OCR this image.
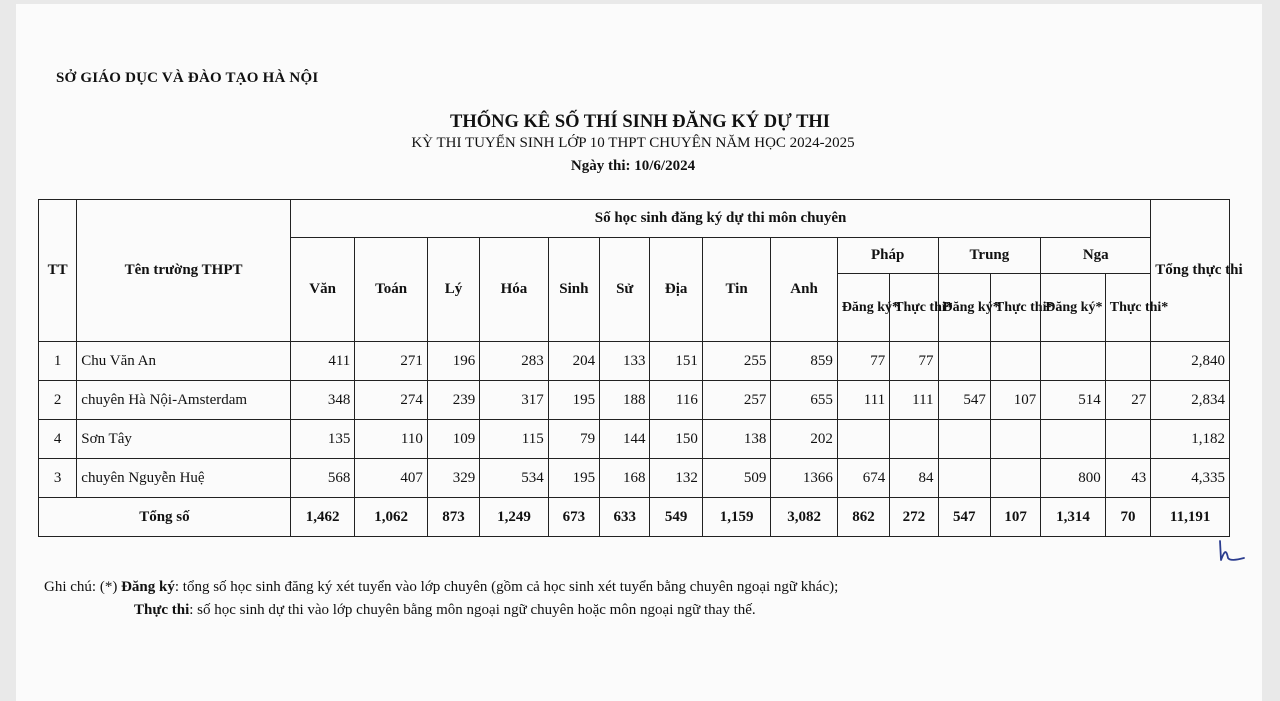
SỞ GIÁO DỤC VÀ ĐÀO TẠO HÀ NỘI
THỐNG KÊ SỐ THÍ SINH ĐĂNG KÝ DỰ THI
KỲ THI TUYỂN SINH LỚP 10 THPT CHUYÊN NĂM HỌC 2024-2025
Ngày thi: 10/6/2024
TT	Tên trường THPT	Số học sinh đăng ký dự thi môn chuyên															Tổng thực thi
		Văn	Toán	Lý	Hóa	Sinh	Sử	Địa	Tin	Anh	Pháp		Trung		Nga		
											Đăng ký*	Thực thi*	Đăng ký*	Thực thi*	Đăng ký*	Thực thi*	
1	Chu Văn An	411	271	196	283	204	133	151	255	859	77	77					2,840
2	chuyên Hà Nội-Amsterdam	348	274	239	317	195	188	116	257	655	111	111	547	107	514	27	2,834
4	Sơn Tây	135	110	109	115	79	144	150	138	202							1,182
3	chuyên Nguyễn Huệ	568	407	329	534	195	168	132	509	1366	674	84			800	43	4,335
Tổng số		1,462	1,062	873	1,249	673	633	549	1,159	3,082	862	272	547	107	1,314	70	11,191
Ghi chú: (*) Đăng ký: tổng số học sinh đăng ký xét tuyển vào lớp chuyên (gồm cả học sinh xét tuyển bằng chuyên ngoại ngữ khác);
Thực thi: số học sinh dự thi vào lớp chuyên bằng môn ngoại ngữ chuyên hoặc môn ngoại ngữ thay thế.
